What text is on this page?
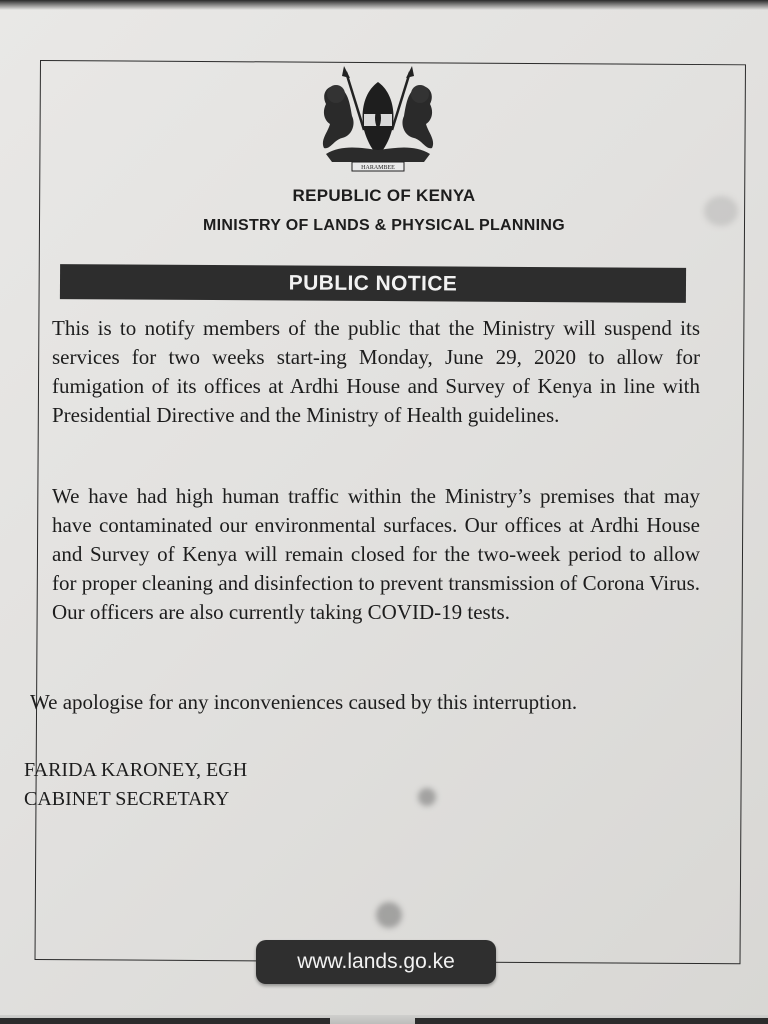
HARAMBEE
REPUBLIC OF KENYA
MINISTRY OF LANDS & PHYSICAL PLANNING
PUBLIC NOTICE

This is to notify members of the public that the Ministry will suspend its services for two weeks start-ing Monday, June 29, 2020 to allow for fumigation of its offices at Ardhi House and Survey of Kenya in line with Presidential Directive and the Ministry of Health guidelines.

We have had high human traffic within the Ministry’s premises that may have contaminated our environmental surfaces. Our offices at Ardhi House and Survey of Kenya will remain closed for the two-week period to allow for proper cleaning and disinfection to prevent transmission of Corona Virus. Our officers are also currently taking COVID-19 tests.

We apologise for any inconveniences caused by this interruption.

FARIDA KARONEY, EGH
CABINET SECRETARY
www.lands.go.ke
